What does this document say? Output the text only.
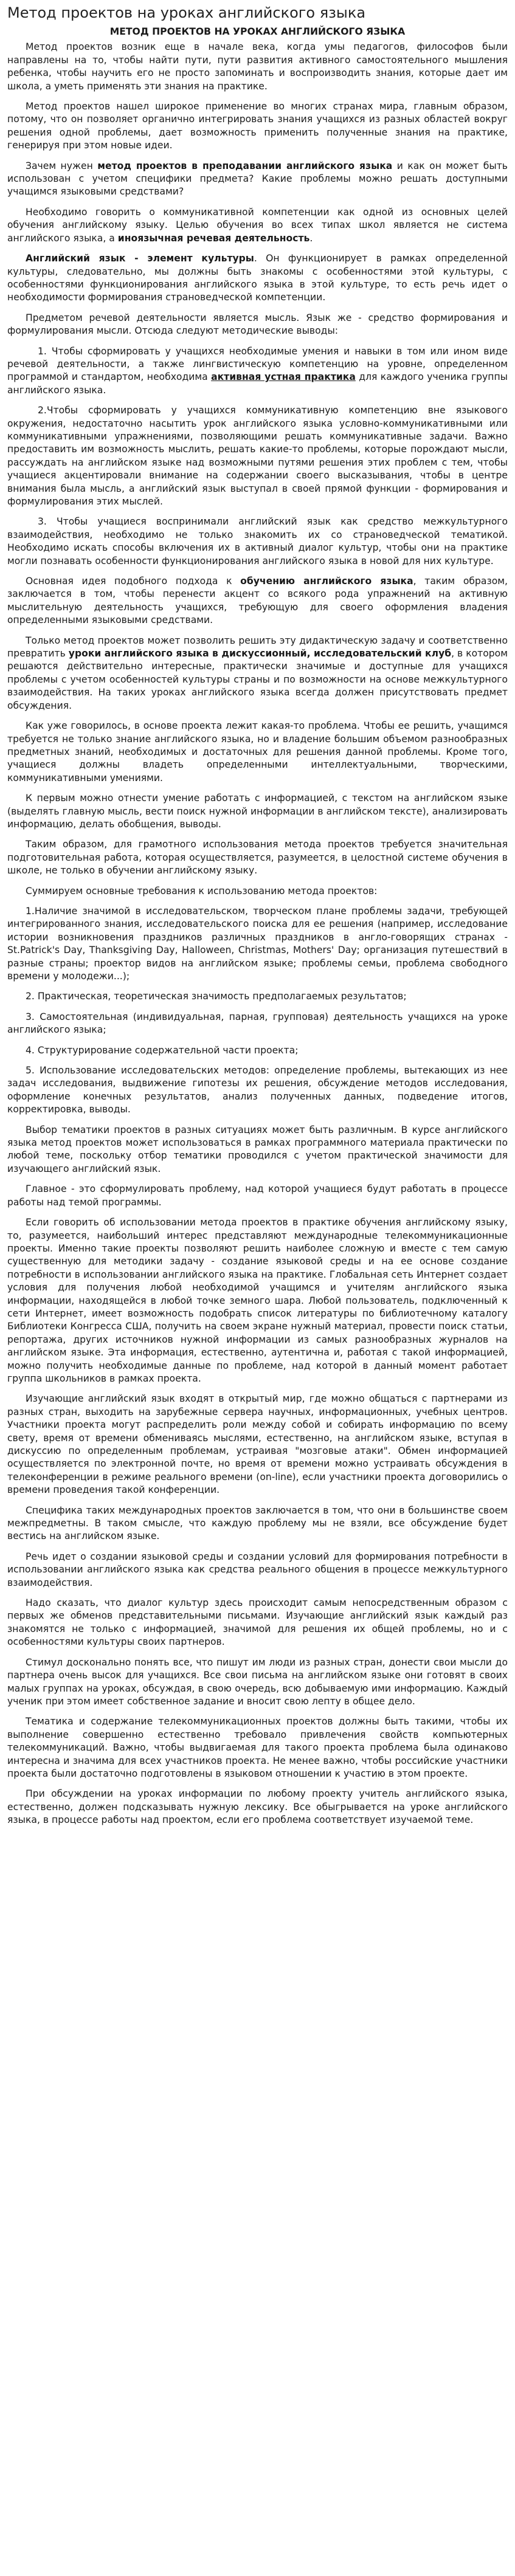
Метод проектов на уроках английского языка
МЕТОД ПРОЕКТОВ НА УРОКАХ АНГЛИЙСКОГО ЯЗЫКА

Метод проектов возник еще в начале века, когда умы педагогов, философов были направлены на то, чтобы найти пути, пути развития активного самостоятельного мышления ребенка, чтобы научить его не просто запоминать и воспроизводить знания, которые дает им школа, а уметь применять эти знания на практике.

Метод проектов нашел широкое применение во многих странах мира, главным образом, потому, что он позволяет органично интегрировать знания учащихся из разных областей вокруг решения одной проблемы, дает возможность применить полученные знания на практике, генерируя при этом новые идеи.

Зачем нужен метод проектов в преподавании английского языка и как он может быть использован с учетом специфики предмета? Какие проблемы можно решать доступными учащимся языковыми средствами?

Необходимо говорить о коммуникативной компетенции как одной из основных целей обучения английскому языку. Целью обучения во всех типах школ является не система английского языка, а иноязычная речевая деятельность.

Английский язык - элемент культуры. Он функционирует в рамках определенной культуры, следовательно, мы должны быть знакомы с особенностями этой культуры, с особенностями функционирования английского языка в этой культуре, то есть речь идет о необходимости формирования страноведческой компетенции.

Предметом речевой деятельности является мысль. Язык же - средство формирования и формулирования мысли. Отсюда следуют методические выводы:

1. Чтобы сформировать у учащихся необходимые умения и навыки в том или ином виде речевой деятельности, а также лингвистическую компетенцию на уровне, определенном программой и стандартом, необходима активная устная практика для каждого ученика группы английского языка.

2.Чтобы сформировать у учащихся коммуникативную компетенцию вне языкового окружения, недостаточно насытить урок английского языка условно-коммуникативными или коммуникативными упражнениями, позволяющими решать коммуникативные задачи. Важно предоставить им возможность мыслить, решать какие-то проблемы, которые порождают мысли, рассуждать на английском языке над возможными путями решения этих проблем с тем, чтобы учащиеся акцентировали внимание на содержании своего высказывания, чтобы в центре внимания была мысль, а английский язык выступал в своей прямой функции - формирования и формулирования этих мыслей.

3. Чтобы учащиеся воспринимали английский язык как средство межкультурного взаимодействия, необходимо не только знакомить их со страноведческой тематикой. Необходимо искать способы включения их в активный диалог культур, чтобы они на практике могли познавать особенности функционирования английского языка в новой для них культуре.

Основная идея подобного подхода к обучению английского языка, таким образом, заключается в том, чтобы перенести акцент со всякого рода упражнений на активную мыслительную деятельность учащихся, требующую для своего оформления владения определенными языковыми средствами.

Только метод проектов может позволить решить эту дидактическую задачу и соответственно превратить уроки английского языка в дискуссионный, исследовательский клуб, в котором решаются действительно интересные, практически значимые и доступные для учащихся проблемы с учетом особенностей культуры страны и по возможности на основе межкультурного взаимодействия. На таких уроках английского языка всегда должен присутствовать предмет обсуждения.

Как уже говорилось, в основе проекта лежит какая-то проблема. Чтобы ее решить, учащимся требуется не только знание английского языка, но и владение большим объемом разнообразных предметных знаний, необходимых и достаточных для решения данной проблемы. Кроме того, учащиеся должны владеть определенными интеллектуальными, творческими, коммуникативными умениями.

К первым можно отнести умение работать с информацией, с текстом на английском языке (выделять главную мысль, вести поиск нужной информации в английском тексте), анализировать информацию, делать обобщения, выводы.

Таким образом, для грамотного использования метода проектов требуется значительная подготовительная работа, которая осуществляется, разумеется, в целостной системе обучения в школе, не только в обучении английскому языку.

Суммируем основные требования к использованию метода проектов:

1.Наличие значимой в исследовательском, творческом плане проблемы задачи, требующей интегрированного знания, исследовательского поиска для ее решения (например, исследование истории возникновения праздников различных праздников в англо-говорящих странах - St.Patrick's Day, Thanksgiving Day, Halloween, Christmas, Mothers' Day; организация путешествий в разные страны; проектор видов на английском языке; проблемы семьи, проблема свободного времени у молодежи...);

2. Практическая, теоретическая значимость предполагаемых результатов;

3. Самостоятельная (индивидуальная, парная, групповая) деятельность учащихся на уроке английского языка;

4. Структурирование содержательной части проекта;

5. Использование исследовательских методов: определение проблемы, вытекающих из нее задач исследования, выдвижение гипотезы их решения, обсуждение методов исследования, оформление конечных результатов, анализ полученных данных, подведение итогов, корректировка, выводы.

Выбор тематики проектов в разных ситуациях может быть различным. В курсе английского языка метод проектов может использоваться в рамках программного материала практически по любой теме, поскольку отбор тематики проводился с учетом практической значимости для изучающего английский язык.

Главное - это сформулировать проблему, над которой учащиеся будут работать в процессе работы над темой программы.

Если говорить об использовании метода проектов в практике обучения английскому языку, то, разумеется, наибольший интерес представляют международные телекоммуникационные проекты. Именно такие проекты позволяют решить наиболее сложную и вместе с тем самую существенную для методики задачу - создание языковой среды и на ее основе создание потребности в использовании английского языка на практике. Глобальная сеть Интернет создает условия для получения любой необходимой учащимся и учителям английского языка информации, находящейся в любой точке земного шара. Любой пользователь, подключенный к сети Интернет, имеет возможность подобрать список литературы по библиотечному каталогу Библиотеки Конгресса США, получить на своем экране нужный материал, провести поиск статьи, репортажа, других источников нужной информации из самых разнообразных журналов на английском языке. Эта информация, естественно, аутентична и, работая с такой информацией, можно получить необходимые данные по проблеме, над которой в данный момент работает группа школьников в рамках проекта.

Изучающие английский язык входят в открытый мир, где можно общаться с партнерами из разных стран, выходить на зарубежные сервера научных, информационных, учебных центров. Участники проекта могут распределить роли между собой и собирать информацию по всему свету, время от времени обмениваясь мыслями, естественно, на английском языке, вступая в дискуссию по определенным проблемам, устраивая "мозговые атаки". Обмен информацией осуществляется по электронной почте, но время от времени можно устраивать обсуждения в телеконференции в режиме реального времени (on-line), если участники проекта договорились о времени проведения такой конференции.

Специфика таких международных проектов заключается в том, что они в большинстве своем межпредметны. В таком смысле, что каждую проблему мы не взяли, все обсуждение будет вестись на английском языке.

Речь идет о создании языковой среды и создании условий для формирования потребности в использовании английского языка как средства реального общения в процессе межкультурного взаимодействия.

Надо сказать, что диалог культур здесь происходит самым непосредственным образом с первых же обменов представительными письмами. Изучающие английский язык каждый раз знакомятся не только с информацией, значимой для решения их общей проблемы, но и с особенностями культуры своих партнеров.

Стимул досконально понять все, что пишут им люди из разных стран, донести свои мысли до партнера очень высок для учащихся. Все свои письма на английском языке они готовят в своих малых группах на уроках, обсуждая, в свою очередь, всю добываемую ими информацию. Каждый ученик при этом имеет собственное задание и вносит свою лепту в общее дело.

Тематика и содержание телекоммуникационных проектов должны быть такими, чтобы их выполнение совершенно естественно требовало привлечения свойств компьютерных телекоммуникаций. Важно, чтобы выдвигаемая для такого проекта проблема была одинаково интересна и значима для всех участников проекта. Не менее важно, чтобы российские участники проекта были достаточно подготовлены в языковом отношении к участию в этом проекте.

При обсуждении на уроках информации по любому проекту учитель английского языка, естественно, должен подсказывать нужную лексику. Все обыгрывается на уроке английского языка, в процессе работы над проектом, если его проблема соответствует изучаемой теме.
